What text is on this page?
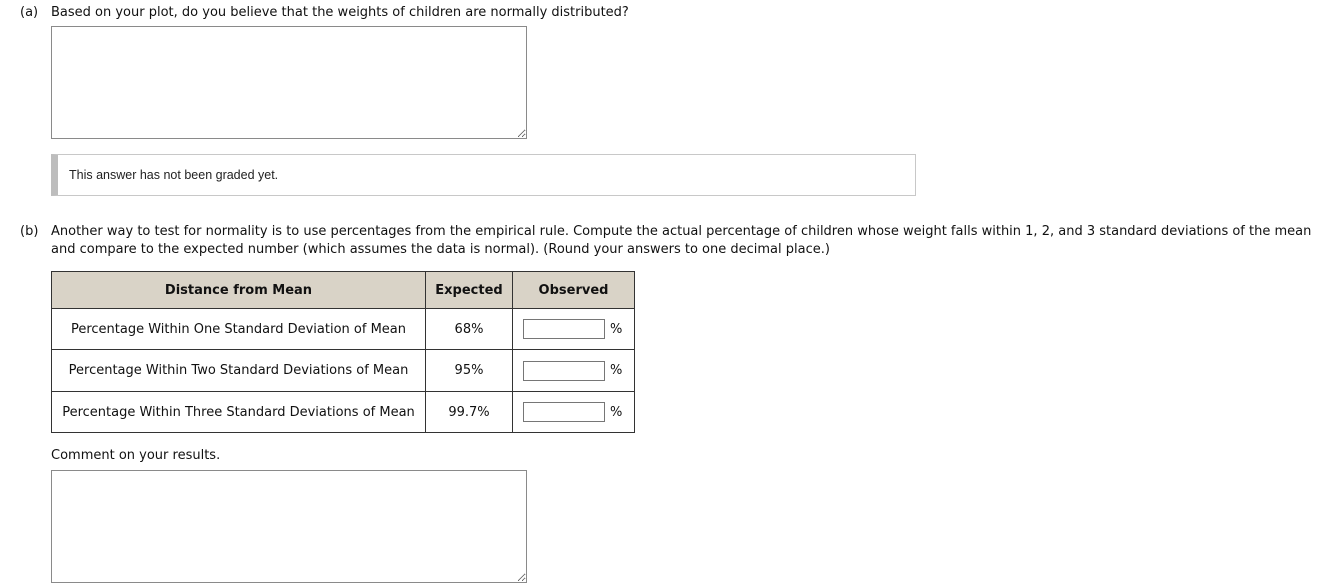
(a) Based on your plot, do you believe that the weights of children are normally distributed?
This answer has not been graded yet.
(b) Another way to test for normality is to use percentages from the empirical rule. Compute the actual percentage of children whose weight falls within 1, 2, and 3 standard deviations of the mean
and compare to the expected number (which assumes the data is normal). (Round your answers to one decimal place.)
Distance from Mean	Expected	Observed
Percentage Within One Standard Deviation of Mean	68%	%
Percentage Within Two Standard Deviations of Mean	95%	%
Percentage Within Three Standard Deviations of Mean	99.7%	%
Comment on your results.
